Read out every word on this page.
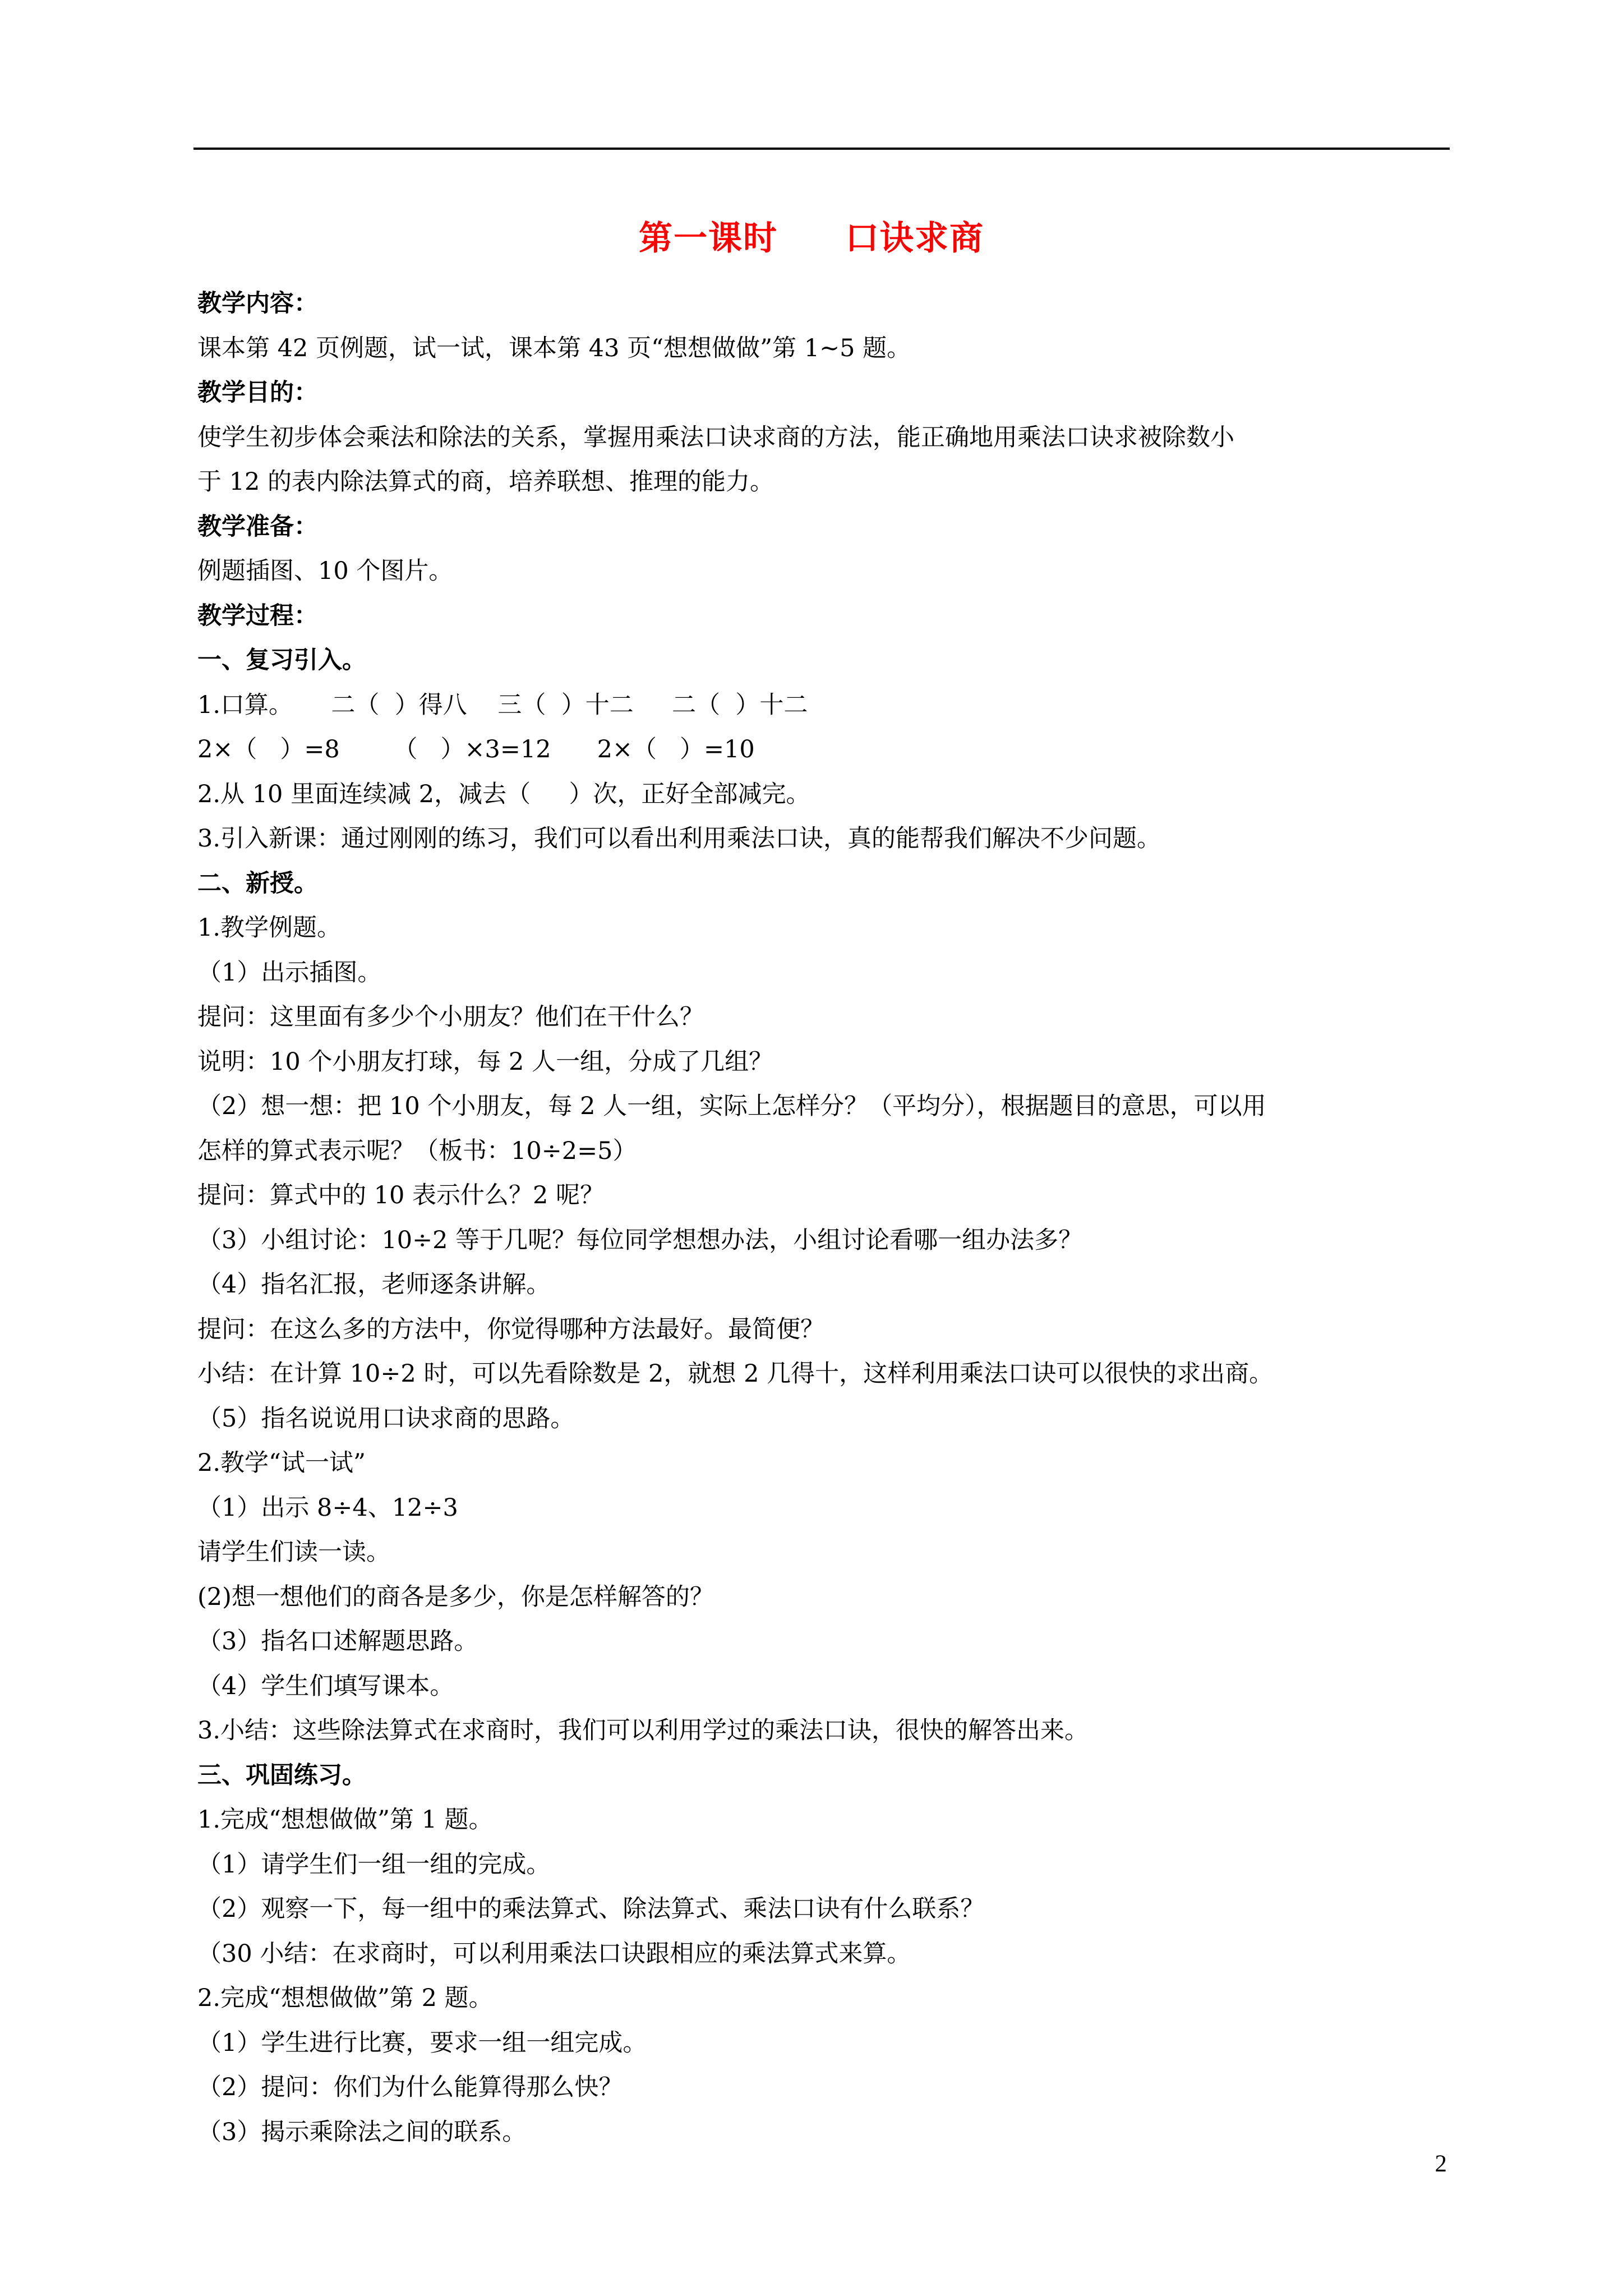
第一课时 口诀求商

教学内容：

课本第 42 页例题，试一试，课本第 43 页“想想做做”第 1~5 题。

教学目的：

使学生初步体会乘法和除法的关系，掌握用乘法口诀求商的方法，能正确地用乘法口诀求被除数小

于 12 的表内除法算式的商，培养联想、推理的能力。

教学准备：

例题插图、10 个图片。

教学过程：

一、复习引入。

1.口算。     二（  ）得八    三（  ）十二     二（  ）十二

2×（   ）=8       （   ）×3=12      2×（   ）=10

2.从 10 里面连续减 2，减去（     ）次，正好全部减完。

3.引入新课：通过刚刚的练习，我们可以看出利用乘法口诀，真的能帮我们解决不少问题。

二、新授。

1.教学例题。

（1）出示插图。

提问：这里面有多少个小朋友？他们在干什么？

说明：10 个小朋友打球，每 2 人一组，分成了几组？

（2）想一想：把 10 个小朋友，每 2 人一组，实际上怎样分？（平均分），根据题目的意思，可以用

怎样的算式表示呢？（板书：10÷2=5）

提问：算式中的 10 表示什么？2 呢？

（3）小组讨论：10÷2 等于几呢？每位同学想想办法，小组讨论看哪一组办法多？

（4）指名汇报，老师逐条讲解。

提问：在这么多的方法中，你觉得哪种方法最好。最简便？

小结：在计算 10÷2 时，可以先看除数是 2，就想 2 几得十，这样利用乘法口诀可以很快的求出商。

（5）指名说说用口诀求商的思路。

2.教学“试一试”

（1）出示 8÷4、12÷3

请学生们读一读。

(2)想一想他们的商各是多少，你是怎样解答的？

（3）指名口述解题思路。

（4）学生们填写课本。

3.小结：这些除法算式在求商时，我们可以利用学过的乘法口诀，很快的解答出来。

三、巩固练习。

1.完成“想想做做”第 1 题。

（1）请学生们一组一组的完成。

（2）观察一下，每一组中的乘法算式、除法算式、乘法口诀有什么联系？

（30 小结：在求商时，可以利用乘法口诀跟相应的乘法算式来算。

2.完成“想想做做”第 2 题。

（1）学生进行比赛，要求一组一组完成。

（2）提问：你们为什么能算得那么快？

（3）揭示乘除法之间的联系。

2
